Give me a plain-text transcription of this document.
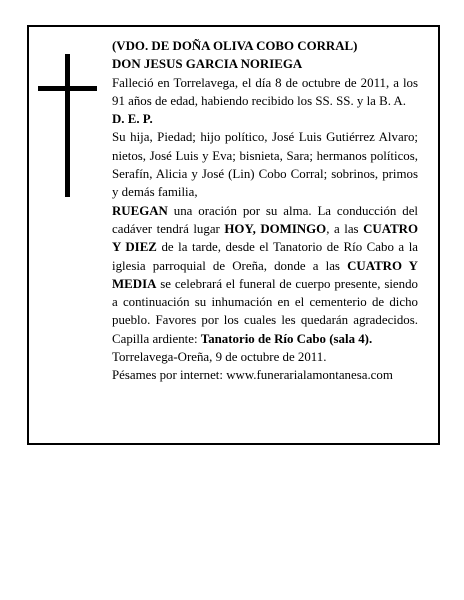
(VDO. DE DOÑA OLIVA COBO CORRAL)

DON JESUS GARCIA NORIEGA

Falleció en Torrelavega, el día 8 de octubre de 2011, a los 91 años de edad, habiendo recibido los SS. SS. y la B. A.

D. E. P.

Su hija, Piedad; hijo político, José Luis Gutiérrez Alvaro; nietos, José Luis y Eva; bisnieta, Sara; hermanos políticos, Serafín, Alicia y José (Lin) Cobo Corral; sobrinos, primos y demás familia,

RUEGAN una oración por su alma. La conducción del cadáver tendrá lugar HOY, DOMINGO, a las CUATRO Y DIEZ de la tarde, desde el Tanatorio de Río Cabo a la iglesia parroquial de Oreña, donde a las CUATRO Y MEDIA se celebrará el funeral de cuerpo presente, siendo a continuación su inhumación en el cementerio de dicho pueblo. Favores por los cuales les quedarán agradecidos. Capilla ardiente: Tanatorio de Río Cabo (sala 4).

Torrelavega-Oreña, 9 de octubre de 2011.

Pésames por internet: www.funerarialamontanesa.com
